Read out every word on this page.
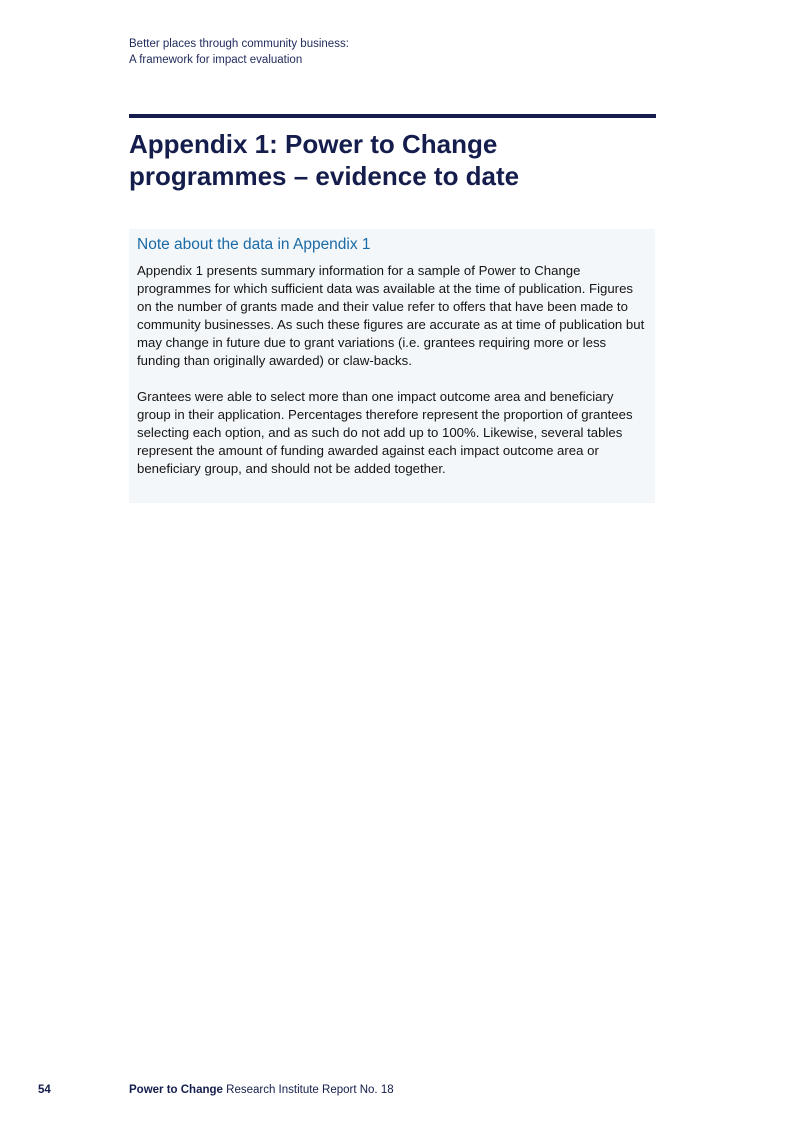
Better places through community business:
A framework for impact evaluation
Appendix 1: Power to Change
programmes – evidence to date
Note about the data in Appendix 1

Appendix 1 presents summary information for a sample of Power to Change programmes for which sufficient data was available at the time of publication. Figures on the number of grants made and their value refer to offers that have been made to community businesses. As such these figures are accurate as at time of publication but may change in future due to grant variations (i.e. grantees requiring more or less funding than originally awarded) or claw-backs.

Grantees were able to select more than one impact outcome area and beneficiary group in their application. Percentages therefore represent the proportion of grantees selecting each option, and as such do not add up to 100%. Likewise, several tables represent the amount of funding awarded against each impact outcome area or beneficiary group, and should not be added together.

54	Power to Change Research Institute Report No. 18
